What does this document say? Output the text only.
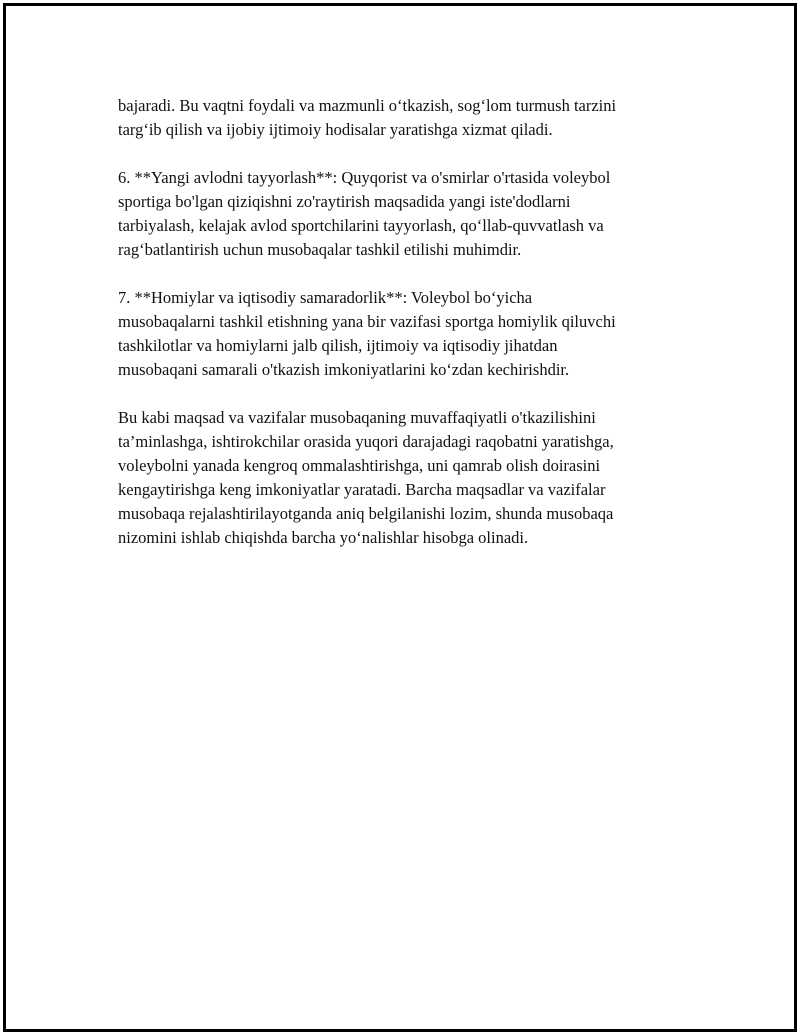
bajaradi. Bu vaqtni foydali va mazmunli o‘tkazish, sog‘lom turmush tarzini
targ‘ib qilish va ijobiy ijtimoiy hodisalar yaratishga xizmat qiladi.

6. **Yangi avlodni tayyorlash**: Quyqorist va o'smirlar o'rtasida voleybol
sportiga bo'lgan qiziqishni zo'raytirish maqsadida yangi iste'dodlarni
tarbiyalash, kelajak avlod sportchilarini tayyorlash, qo‘llab-quvvatlash va
rag‘batlantirish uchun musobaqalar tashkil etilishi muhimdir.

7. **Homiylar va iqtisodiy samaradorlik**: Voleybol bo‘yicha
musobaqalarni tashkil etishning yana bir vazifasi sportga homiylik qiluvchi
tashkilotlar va homiylarni jalb qilish, ijtimoiy va iqtisodiy jihatdan
musobaqani samarali o'tkazish imkoniyatlarini ko‘zdan kechirishdir.

Bu kabi maqsad va vazifalar musobaqaning muvaffaqiyatli o'tkazilishini
ta’minlashga, ishtirokchilar orasida yuqori darajadagi raqobatni yaratishga,
voleybolni yanada kengroq ommalashtirishga, uni qamrab olish doirasini
kengaytirishga keng imkoniyatlar yaratadi. Barcha maqsadlar va vazifalar
musobaqa rejalashtirilayotganda aniq belgilanishi lozim, shunda musobaqa
nizomini ishlab chiqishda barcha yo‘nalishlar hisobga olinadi.
